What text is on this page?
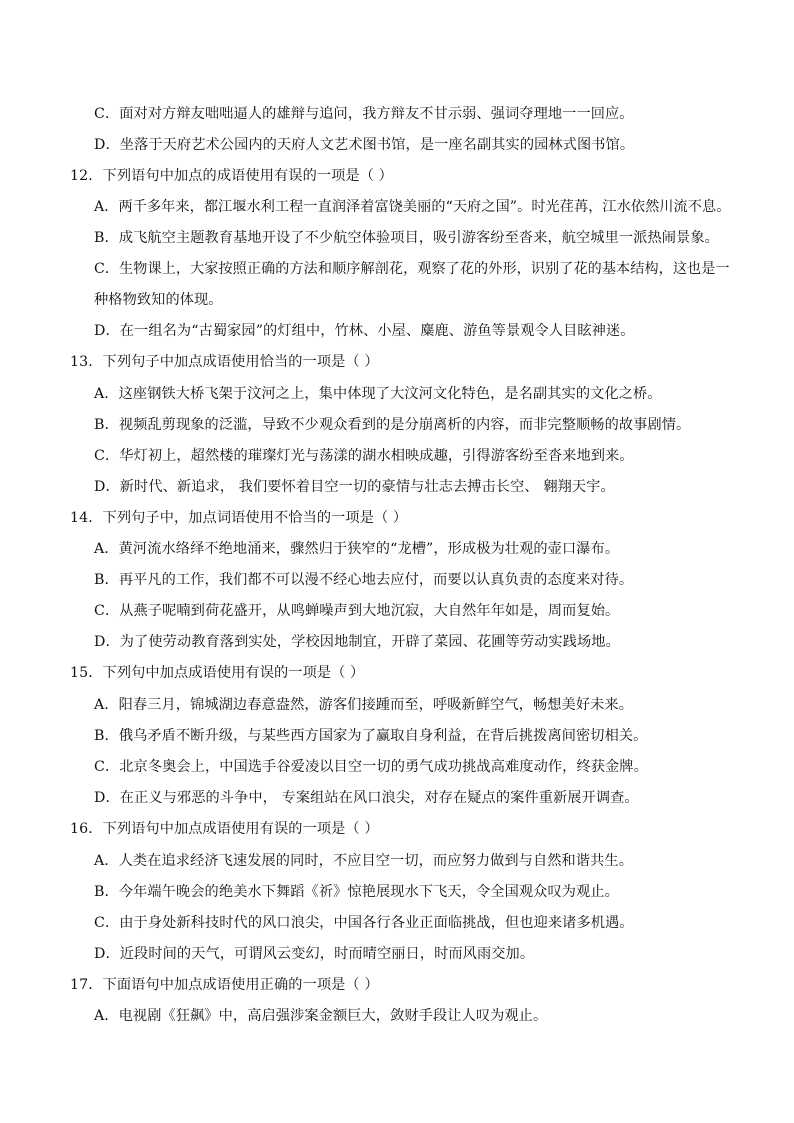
C．面对对方辩友咄咄逼人的雄辩与追问，我方辩友不甘示弱、强词夺理地一一回应。
D．坐落于天府艺术公园内的天府人文艺术图书馆，是一座名副其实的园林式图书馆。
12．下列语句中加点的成语使用有误的一项是（ ）
A．两千多年来，都江堰水利工程一直润泽着富饶美丽的“天府之国”。时光荏苒，江水依然川流不息。
B．成飞航空主题教育基地开设了不少航空体验项目，吸引游客纷至沓来，航空城里一派热闹景象。
C．生物课上，大家按照正确的方法和顺序解剖花，观察了花的外形，识别了花的基本结构，这也是一
种格物致知的体现。
D．在一组名为“古蜀家园”的灯组中，竹林、小屋、麋鹿、游鱼等景观令人目眩神迷。
13．下列句子中加点成语使用恰当的一项是（ ）
A．这座钢铁大桥飞架于汶河之上，集中体现了大汶河文化特色，是名副其实的文化之桥。
B．视频乱剪现象的泛滥，导致不少观众看到的是分崩离析的内容，而非完整顺畅的故事剧情。
C．华灯初上，超然楼的璀璨灯光与荡漾的湖水相映成趣，引得游客纷至沓来地到来。
D．新时代、新追求， 我们要怀着目空一切的豪情与壮志去搏击长空、 翱翔天宇。
14．下列句子中，加点词语使用不恰当的一项是（ ）
A．黄河流水络绎不绝地涌来，骤然归于狭窄的“龙槽”，形成极为壮观的壶口瀑布。
B．再平凡的工作，我们都不可以漫不经心地去应付，而要以认真负责的态度来对待。
C．从燕子呢喃到荷花盛开，从鸣蝉噪声到大地沉寂，大自然年年如是，周而复始。
D．为了使劳动教育落到实处，学校因地制宜，开辟了菜园、花圃等劳动实践场地。
15．下列句中加点成语使用有误的一项是（ ）
A．阳春三月，锦城湖边春意盎然，游客们接踵而至，呼吸新鲜空气，畅想美好未来。
B．俄乌矛盾不断升级，与某些西方国家为了赢取自身利益，在背后挑拨离间密切相关。
C．北京冬奥会上，中国选手谷爱凌以目空一切的勇气成功挑战高难度动作，终获金牌。
D．在正义与邪恶的斗争中， 专案组站在风口浪尖，对存在疑点的案件重新展开调查。
16．下列语句中加点成语使用有误的一项是（ ）
A．人类在追求经济飞速发展的同时，不应目空一切，而应努力做到与自然和谐共生。
B．今年端午晚会的绝美水下舞蹈《祈》惊艳展现水下飞天，令全国观众叹为观止。
C．由于身处新科技时代的风口浪尖，中国各行各业正面临挑战，但也迎来诸多机遇。
D．近段时间的天气，可谓风云变幻，时而晴空丽日，时而风雨交加。
17．下面语句中加点成语使用正确的一项是（ ）
A．电视剧《狂飙》中，高启强涉案金额巨大，敛财手段让人叹为观止。
